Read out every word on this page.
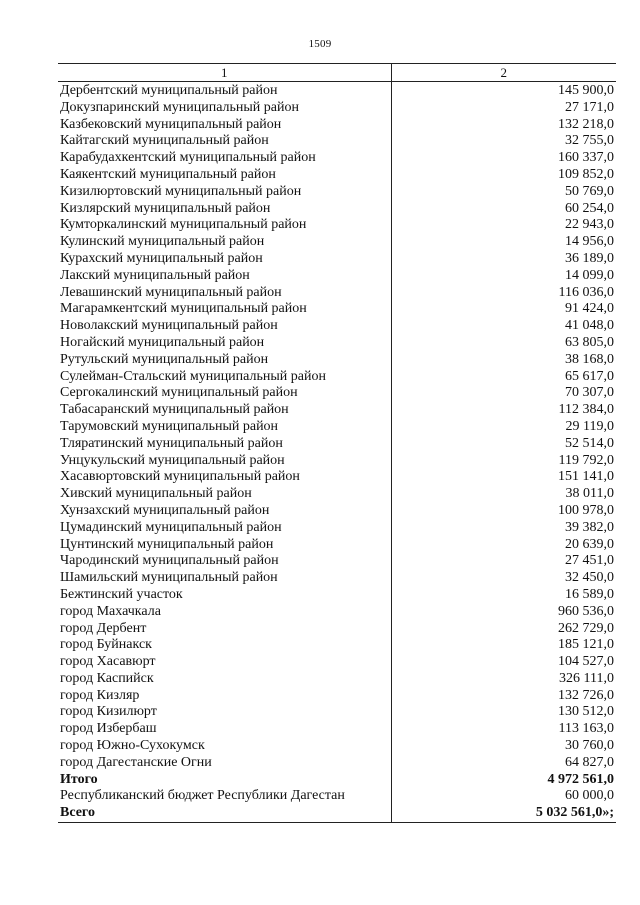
1509
1	2
Дербентский муниципальный район	145 900,0
Докузпаринский муниципальный район	27 171,0
Казбековский муниципальный район	132 218,0
Кайтагский муниципальный район	32 755,0
Карабудахкентский муниципальный район	160 337,0
Каякентский муниципальный район	109 852,0
Кизилюртовский муниципальный район	50 769,0
Кизлярский муниципальный район	60 254,0
Кумторкалинский муниципальный район	22 943,0
Кулинский муниципальный район	14 956,0
Курахский муниципальный район	36 189,0
Лакский муниципальный район	14 099,0
Левашинский муниципальный район	116 036,0
Магарамкентский муниципальный район	91 424,0
Новолакский муниципальный район	41 048,0
Ногайский муниципальный район	63 805,0
Рутульский муниципальный район	38 168,0
Сулейман-Стальский муниципальный район	65 617,0
Сергокалинский муниципальный район	70 307,0
Табасаранский муниципальный район	112 384,0
Тарумовский муниципальный район	29 119,0
Тляратинский муниципальный район	52 514,0
Унцукульский муниципальный район	119 792,0
Хасавюртовский муниципальный район	151 141,0
Хивский муниципальный район	38 011,0
Хунзахский муниципальный район	100 978,0
Цумадинский муниципальный район	39 382,0
Цунтинский муниципальный район	20 639,0
Чародинский муниципальный район	27 451,0
Шамильский муниципальный район	32 450,0
Бежтинский участок	16 589,0
город Махачкала	960 536,0
город Дербент	262 729,0
город Буйнакск	185 121,0
город Хасавюрт	104 527,0
город Каспийск	326 111,0
город Кизляр	132 726,0
город Кизилюрт	130 512,0
город Избербаш	113 163,0
город Южно-Сухокумск	30 760,0
город Дагестанские Огни	64 827,0
Итого	4 972 561,0
Республиканский бюджет Республики Дагестан	60 000,0
Всего	5 032 561,0»;
